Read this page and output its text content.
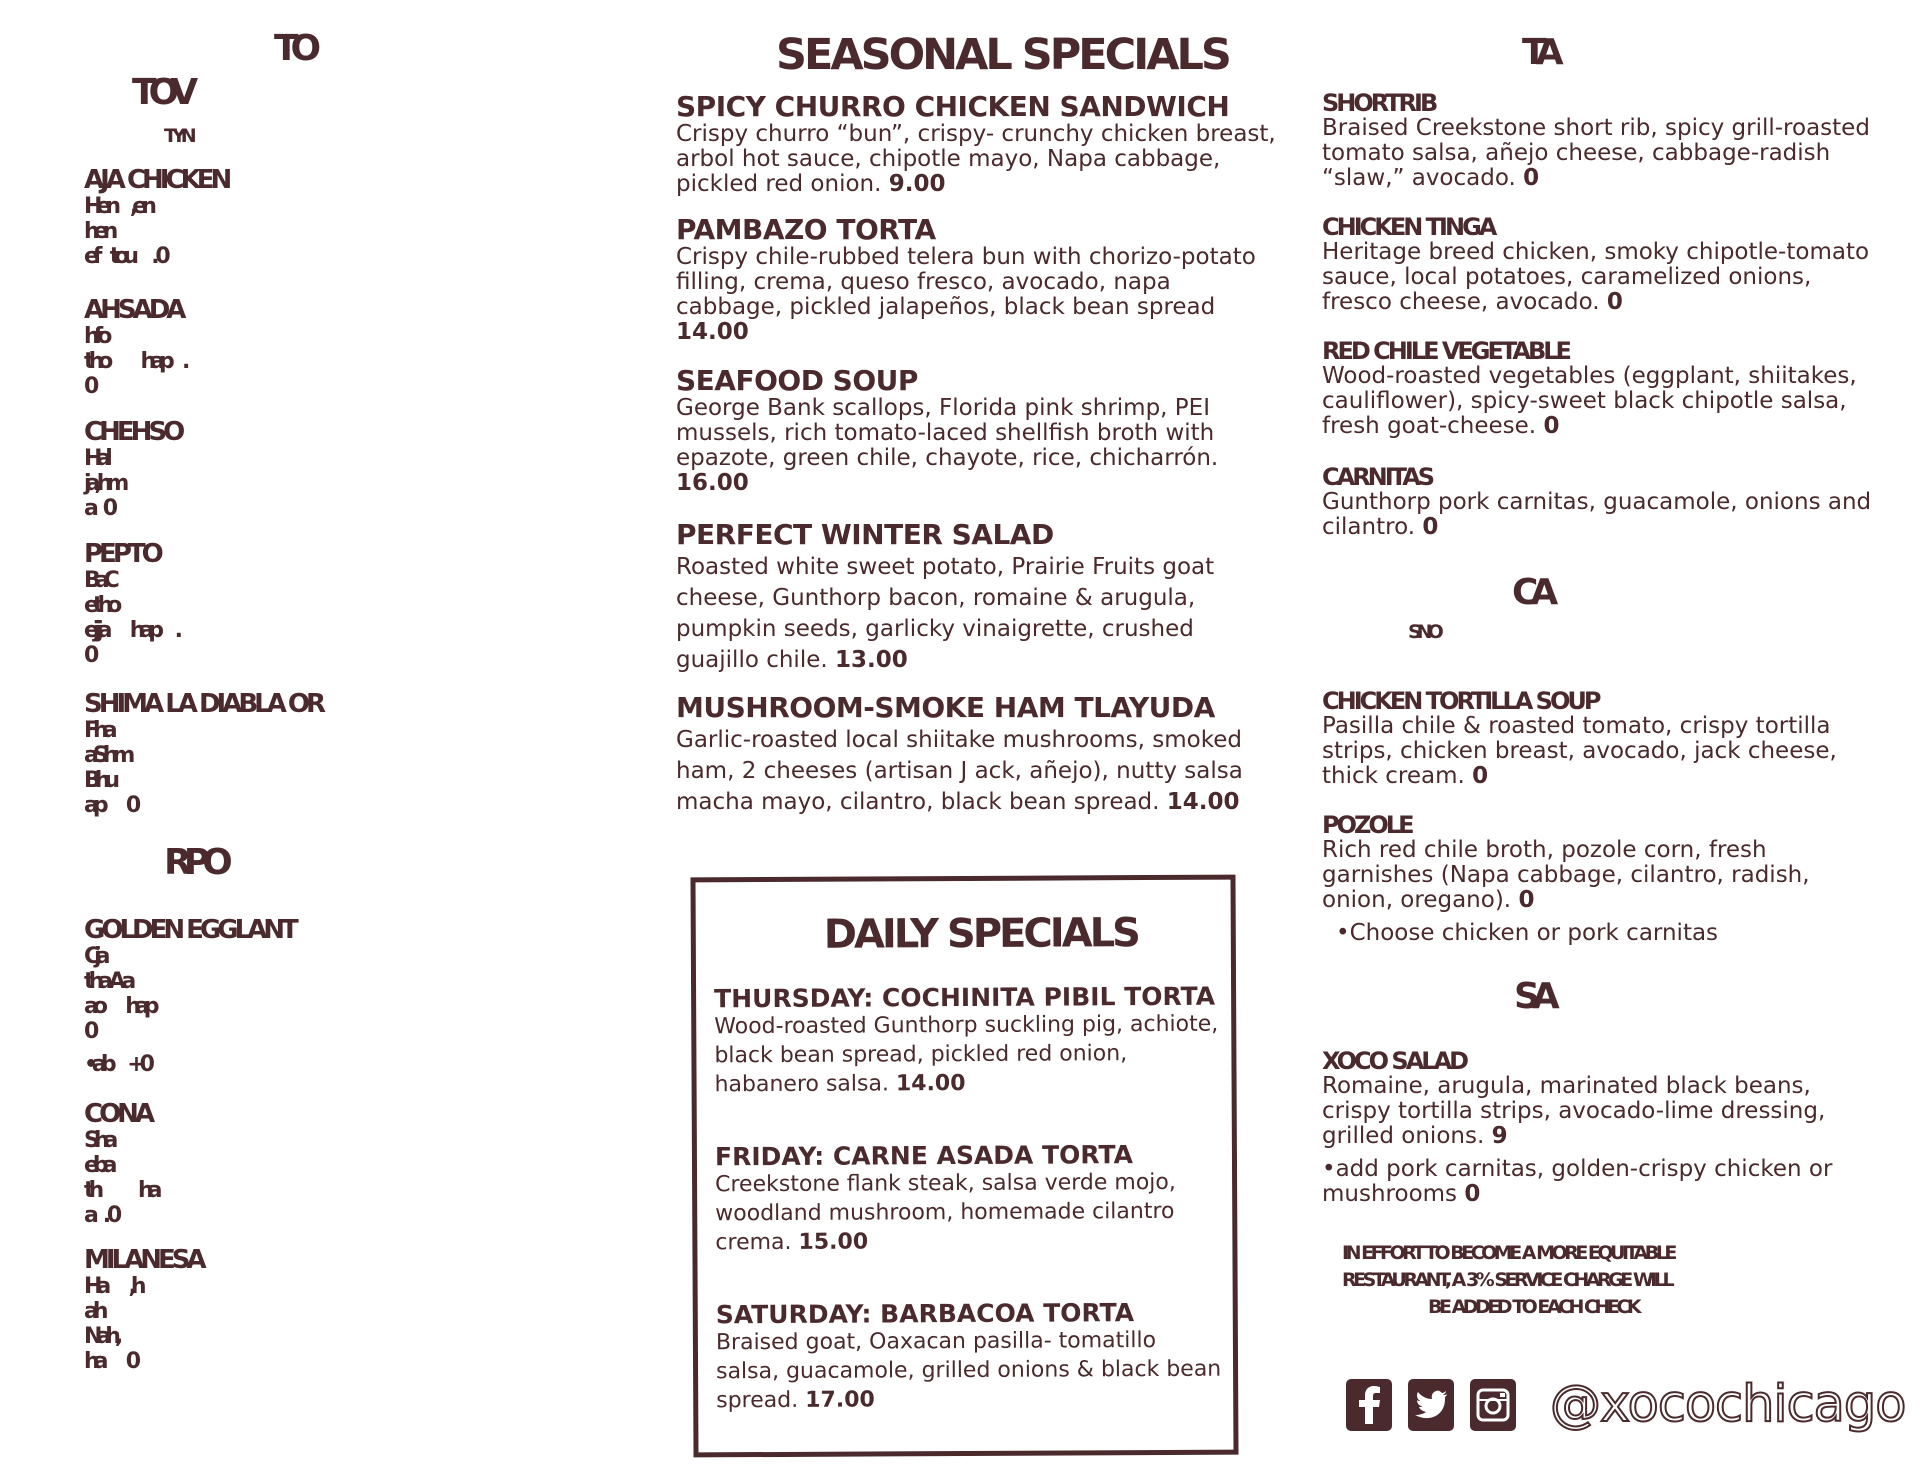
TO
TOV
TYN
AJA CHICKEN
Hen         ,en
hen
ef        tou           . 0
AHSADA
hfo
tho                    hap        .
0
CHEHSO
Hal
ja,hm
a      0
PEPTO
BaC
etho
ej ja              hap          .
0
SHIMA LA DIABLA OR
Fha
aShm
Bhu
ap              0
RPO
GOLDEN EGGLANT
Cja
tha A a
ao              hap
0
•ab          +0
CONA
Sha
eba
th                        ha
a      . 0
MILANESA
Ha              ,h
ah
Nah,
ha              0
SEASONAL SPECIALS

SPICY CHURRO CHICKEN SANDWICH

Crispy churro “bun”, crispy- crunchy chicken breast, arbol hot sauce, chipotle mayo, Napa cabbage, pickled red onion. 9.00

PAMBAZO TORTA

Crispy chile-rubbed telera bun with chorizo-potato filling, crema, queso fresco, avocado, napa cabbage, pickled jalapeños, black bean spread 14.00

SEAFOOD SOUP

George Bank scallops, Florida pink shrimp, PEI mussels, rich tomato-laced shellfish broth with epazote, green chile, chayote, rice, chicharrón. 16.00

PERFECT WINTER SALAD

Roasted white sweet potato, Prairie Fruits goat cheese, Gunthorp bacon, romaine & arugula, pumpkin seeds, garlicky vinaigrette, crushed guajillo chile. 13.00

MUSHROOM-SMOKE HAM TLAYUDA

Garlic-roasted local shiitake mushrooms, smoked ham, 2 cheeses (artisan J ack, añejo), nutty salsa macha mayo, cilantro, black bean spread. 14.00

DAILY SPECIALS

THURSDAY: COCHINITA PIBIL TORTA

Wood-roasted Gunthorp suckling pig, achiote, black bean spread, pickled red onion, habanero salsa. 14.00

FRIDAY: CARNE ASADA TORTA

Creekstone flank steak, salsa verde mojo, woodland mushroom, homemade cilantro crema. 15.00

SATURDAY: BARBACOA TORTA

Braised goat, Oaxacan pasilla- tomatillo salsa, guacamole, grilled onions & black bean spread. 17.00

TA

SHORTRIB

Braised Creekstone short rib, spicy grill-roasted tomato salsa, añejo cheese, cabbage-radish “slaw,” avocado. 0

CHICKEN TINGA

Heritage breed chicken, smoky chipotle-tomato sauce, local potatoes, caramelized onions, fresco cheese, avocado. 0

RED CHILE VEGETABLE

Wood-roasted vegetables (eggplant, shiitakes, cauliflower), spicy-sweet black chipotle salsa, fresh goat-cheese. 0

CARNITAS

Gunthorp pork carnitas, guacamole, onions and cilantro. 0

CA
SNO

CHICKEN TORTILLA SOUP

Pasilla chile & roasted tomato, crispy tortilla strips, chicken breast, avocado, jack cheese, thick cream. 0

POZOLE

Rich red chile broth, pozole corn, fresh garnishes (Napa cabbage, cilantro, radish, onion, oregano). 0

•Choose chicken or pork carnitas

SA

XOCO SALAD

Romaine, arugula, marinated black beans, crispy tortilla strips, avocado-lime dressing, grilled onions. 9

•add pork carnitas, golden-crispy chicken or mushrooms 0

IN EFFORT TO BECOME A MORE EQUITABLE
RESTAURANT, A 3% SERVICE CHARGE WILL
BE ADDED TO EACH CHECK
@xocochicago
